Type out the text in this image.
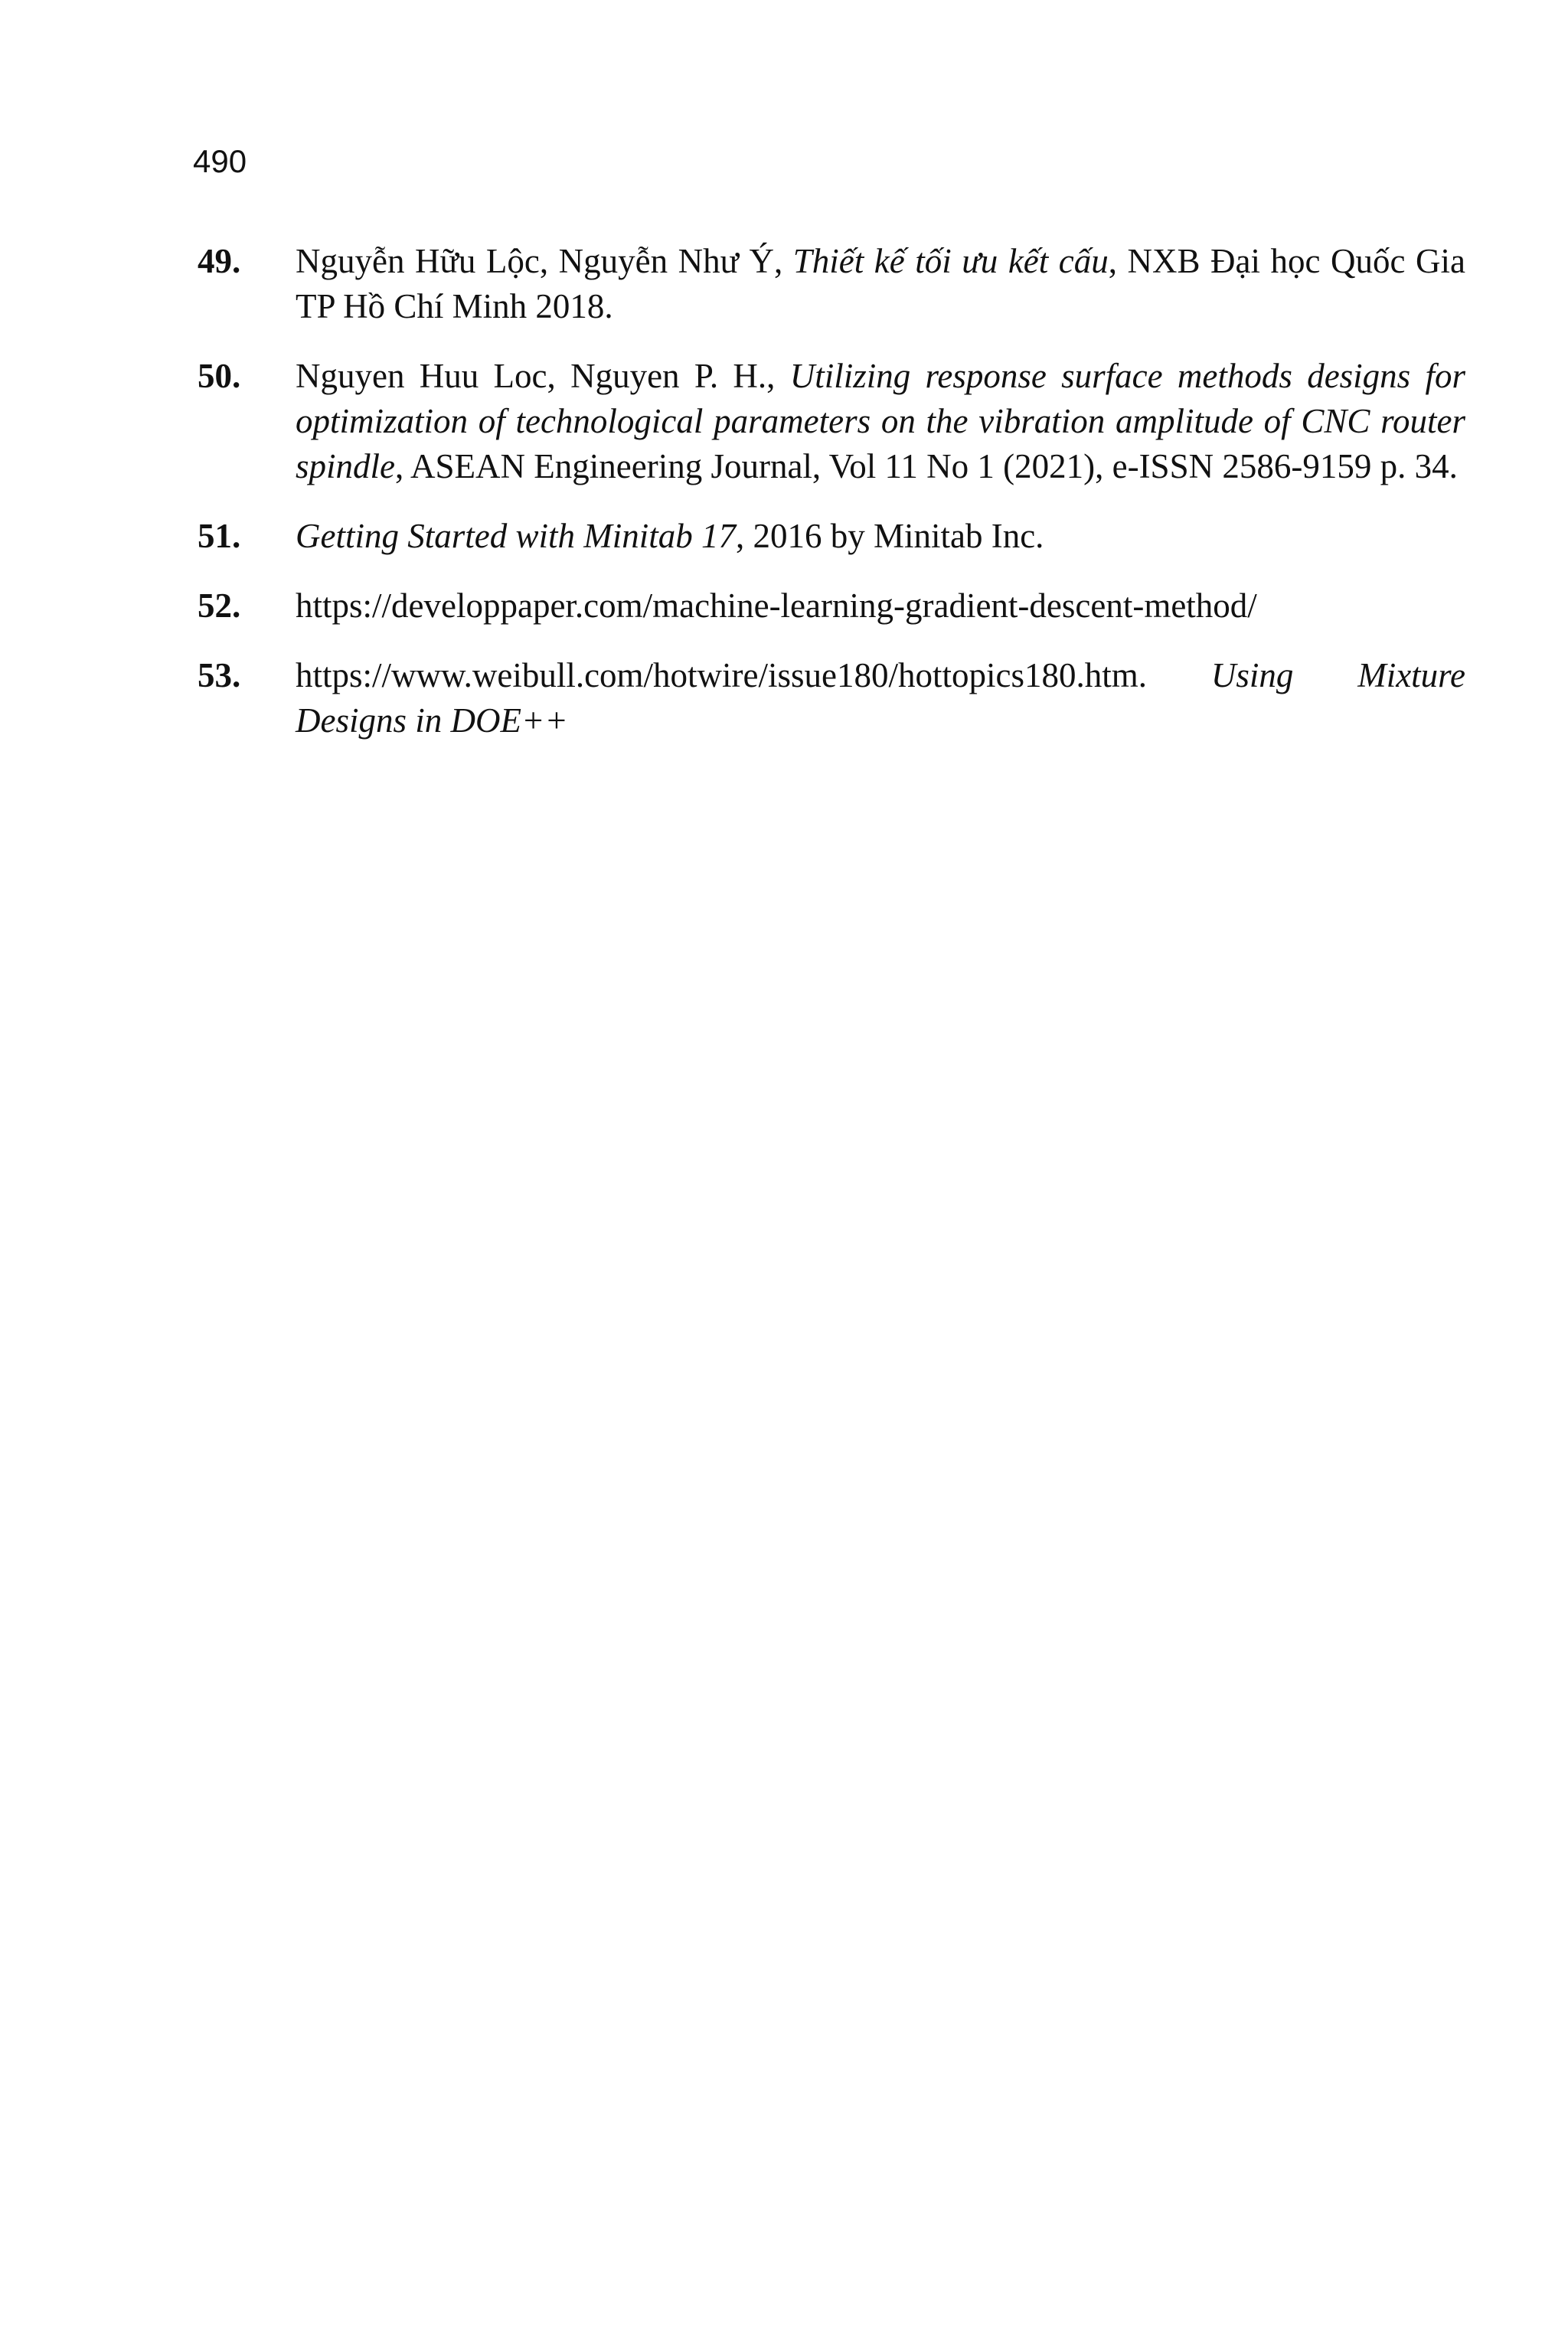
490
49.	Nguyễn Hữu Lộc, Nguyễn Như Ý, Thiết kế tối ưu kết cấu, NXB Đại học Quốc Gia TP Hồ Chí Minh 2018.
50.	Nguyen Huu Loc, Nguyen P. H., Utilizing response surface methods designs for optimization of technological parameters on the vibration amplitude of CNC router spindle, ASEAN Engineering Journal, Vol 11 No 1 (2021), e-ISSN 2586-9159 p. 34.
51.	Getting Started with Minitab 17, 2016 by Minitab Inc.
52.	https://developpaper.com/machine-learning-gradient-descent-method/
53.	https://www.weibull.com/hotwire/issue180/hottopics180.htm. Using Mixture Designs in DOE++
